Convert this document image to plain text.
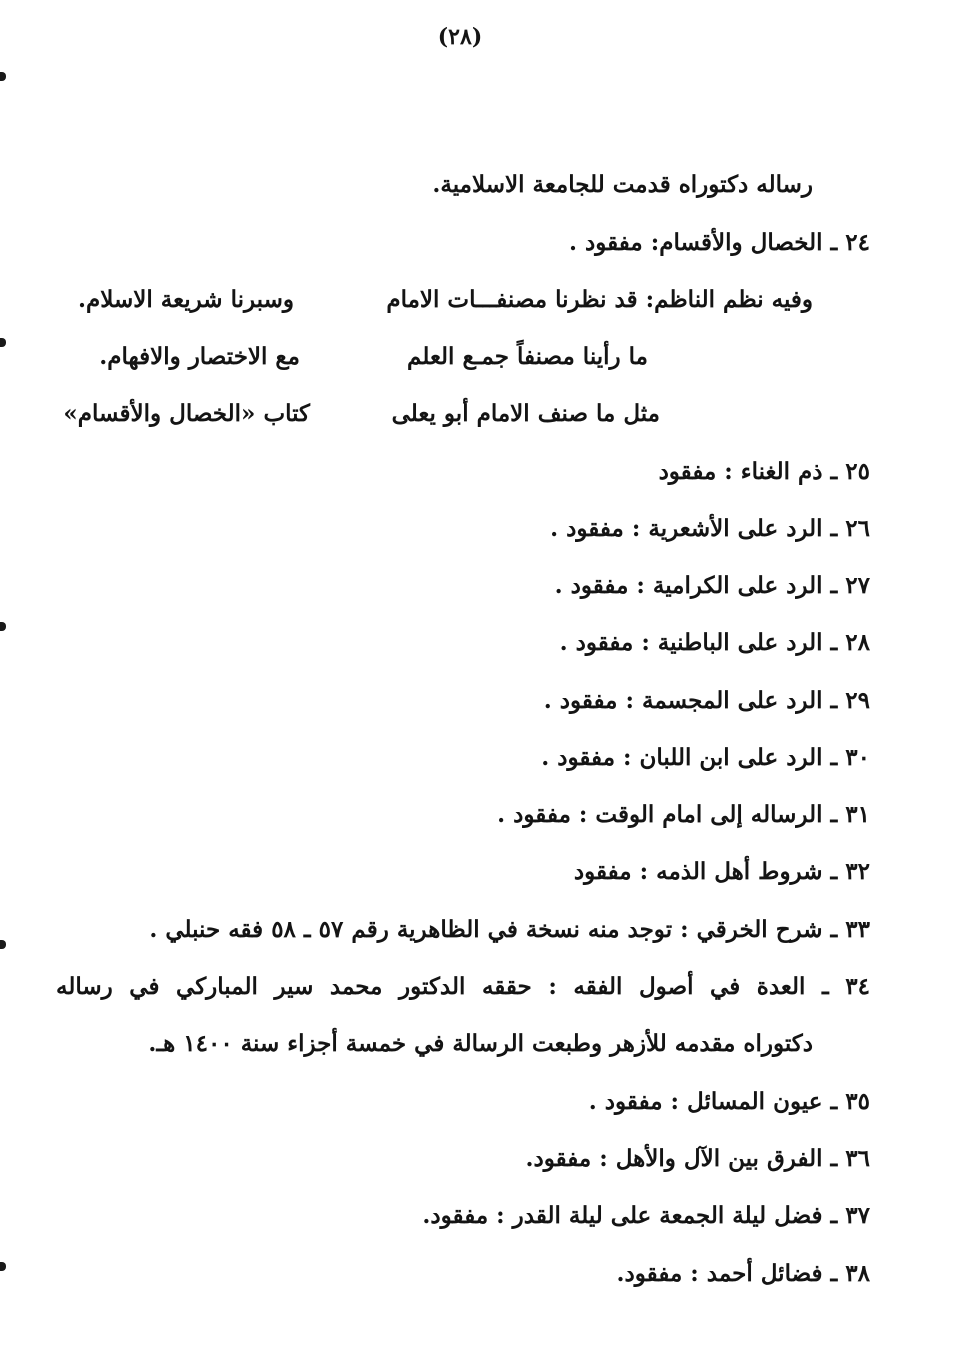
(٢٨)
رساله دكتوراه قدمت للجامعة الاسلامية.
٢٤ ـ الخصال والأقسام: مفقود .
وفيه نظم الناظم: قد نظرنا مصنفـــات الامام
وسبرنا شريعة الاسلام.
ما رأينا مصنفاً جمـع العلم
مع الاختصار والافهام.
مثل ما صنف الامام أبو يعلى
كتاب «الخصال والأقسام»
٢٥ ـ ذم الغناء : مفقود
٢٦ ـ الرد على الأشعرية : مفقود .
٢٧ ـ الرد على الكرامية : مفقود .
٢٨ ـ الرد على الباطنية : مفقود .
٢٩ ـ الرد على المجسمة : مفقود .
٣٠ ـ الرد على ابن اللبان : مفقود .
٣١ ـ الرساله إلى امام الوقت : مفقود .
٣٢ ـ شروط أهل الذمه : مفقود
٣٣ ـ شرح الخرقي : توجد منه نسخة في الظاهرية رقم ٥٧ ـ ٥٨ فقه حنبلي .
٣٤ ـ العدة في أصول الفقه : حققه الدكتور محمد سير المباركي في رساله
دكتوراه مقدمه للأزهر وطبعت الرسالة في خمسة أجزاء سنة ١٤٠٠ هـ.
٣٥ ـ عيون المسائل : مفقود .
٣٦ ـ الفرق بين الآل والأهل : مفقود.
٣٧ ـ فضل ليلة الجمعة على ليلة القدر : مفقود.
٣٨ ـ فضائل أحمد : مفقود.
